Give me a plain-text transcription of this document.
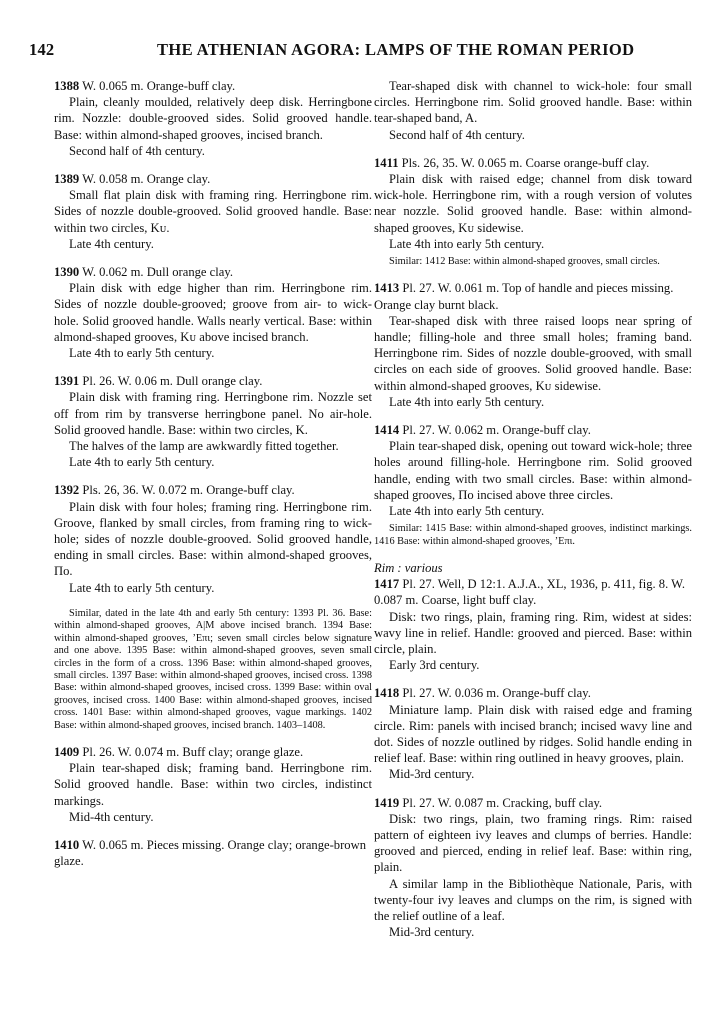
142	THE ATHENIAN AGORA: LAMPS OF THE ROMAN PERIOD

1388 W. 0.065 m. Orange-buff clay.

Plain, cleanly moulded, relatively deep disk. Herringbone rim. Nozzle: double-grooved sides. Solid grooved handle. Base: within almond-shaped grooves, incised branch.

Second half of 4th century.

1389 W. 0.058 m. Orange clay.

Small flat plain disk with framing ring. Herringbone rim. Sides of nozzle double-grooved. Solid grooved handle. Base: within two circles, Kᴜ.

Late 4th century.

1390 W. 0.062 m. Dull orange clay.

Plain disk with edge higher than rim. Herringbone rim. Sides of nozzle double-grooved; groove from air- to wick-hole. Solid grooved handle. Walls nearly vertical. Base: within almond-shaped grooves, Kᴜ above incised branch.

Late 4th to early 5th century.

1391 Pl. 26. W. 0.06 m. Dull orange clay.

Plain disk with framing ring. Herringbone rim. Nozzle set off from rim by transverse herringbone panel. No air-hole. Solid grooved handle. Base: within two circles, K.

The halves of the lamp are awkwardly fitted together.

Late 4th to early 5th century.

1392 Pls. 26, 36. W. 0.072 m. Orange-buff clay.

Plain disk with four holes; framing ring. Herringbone rim. Groove, flanked by small circles, from framing ring to wick-hole; sides of nozzle double-grooved. Solid grooved handle, ending in small circles. Base: within almond-shaped grooves, Πo.

Late 4th to early 5th century.

Similar, dated in the late 4th and early 5th century: 1393 Pl. 36. Base: within almond-shaped grooves, A|M above incised branch. 1394 Base: within almond-shaped grooves, ’Eπι; seven small circles below signature and one above. 1395 Base: within almond-shaped grooves, seven small circles in the form of a cross. 1396 Base: within almond-shaped grooves, small circles. 1397 Base: within almond-shaped grooves, incised cross. 1398 Base: within almond-shaped grooves, incised cross. 1399 Base: within oval grooves, incised cross. 1400 Base: within almond-shaped grooves, incised cross. 1401 Base: within almond-shaped grooves, vague markings. 1402 Base: within almond-shaped grooves, incised branch. 1403–1408.

1409 Pl. 26. W. 0.074 m. Buff clay; orange glaze.

Plain tear-shaped disk; framing band. Herringbone rim. Solid grooved handle. Base: within two circles, indistinct markings.

Mid-4th century.

1410 W. 0.065 m. Pieces missing. Orange clay; orange-brown glaze.

Tear-shaped disk with channel to wick-hole: four small circles. Herringbone rim. Solid grooved handle. Base: within tear-shaped band, A.

Second half of 4th century.

1411 Pls. 26, 35. W. 0.065 m. Coarse orange-buff clay.

Plain disk with raised edge; channel from disk toward wick-hole. Herringbone rim, with a rough version of volutes near nozzle. Solid grooved handle. Base: within almond-shaped grooves, Kᴜ sidewise.

Late 4th into early 5th century.

Similar: 1412 Base: within almond-shaped grooves, small circles.

1413 Pl. 27. W. 0.061 m. Top of handle and pieces missing. Orange clay burnt black.

Tear-shaped disk with three raised loops near spring of handle; filling-hole and three small holes; framing band. Herringbone rim. Sides of nozzle double-grooved, with small circles on each side of grooves. Solid grooved handle. Base: within almond-shaped grooves, Kᴜ sidewise.

Late 4th into early 5th century.

1414 Pl. 27. W. 0.062 m. Orange-buff clay.

Plain tear-shaped disk, opening out toward wick-hole; three holes around filling-hole. Herringbone rim. Solid grooved handle, ending with two small circles. Base: within almond-shaped grooves, Πo incised above three circles.

Late 4th into early 5th century.

Similar: 1415 Base: within almond-shaped grooves, indistinct markings. 1416 Base: within almond-shaped grooves, ’Eπι.

Rim : various

1417 Pl. 27. Well, D 12:1. A.J.A., XL, 1936, p. 411, fig. 8. W. 0.087 m. Coarse, light buff clay.

Disk: two rings, plain, framing ring. Rim, widest at sides: wavy line in relief. Handle: grooved and pierced. Base: within circle, plain.

Early 3rd century.

1418 Pl. 27. W. 0.036 m. Orange-buff clay.

Miniature lamp. Plain disk with raised edge and framing circle. Rim: panels with incised branch; incised wavy line and dot. Sides of nozzle outlined by ridges. Solid handle ending in relief leaf. Base: within ring outlined in heavy grooves, plain.

Mid-3rd century.

1419 Pl. 27. W. 0.087 m. Cracking, buff clay.

Disk: two rings, plain, two framing rings. Rim: raised pattern of eighteen ivy leaves and clumps of berries. Handle: grooved and pierced, ending in relief leaf. Base: within ring, plain.

A similar lamp in the Bibliothèque Nationale, Paris, with twenty-four ivy leaves and clumps on the rim, is signed with the relief outline of a leaf.

Mid-3rd century.
